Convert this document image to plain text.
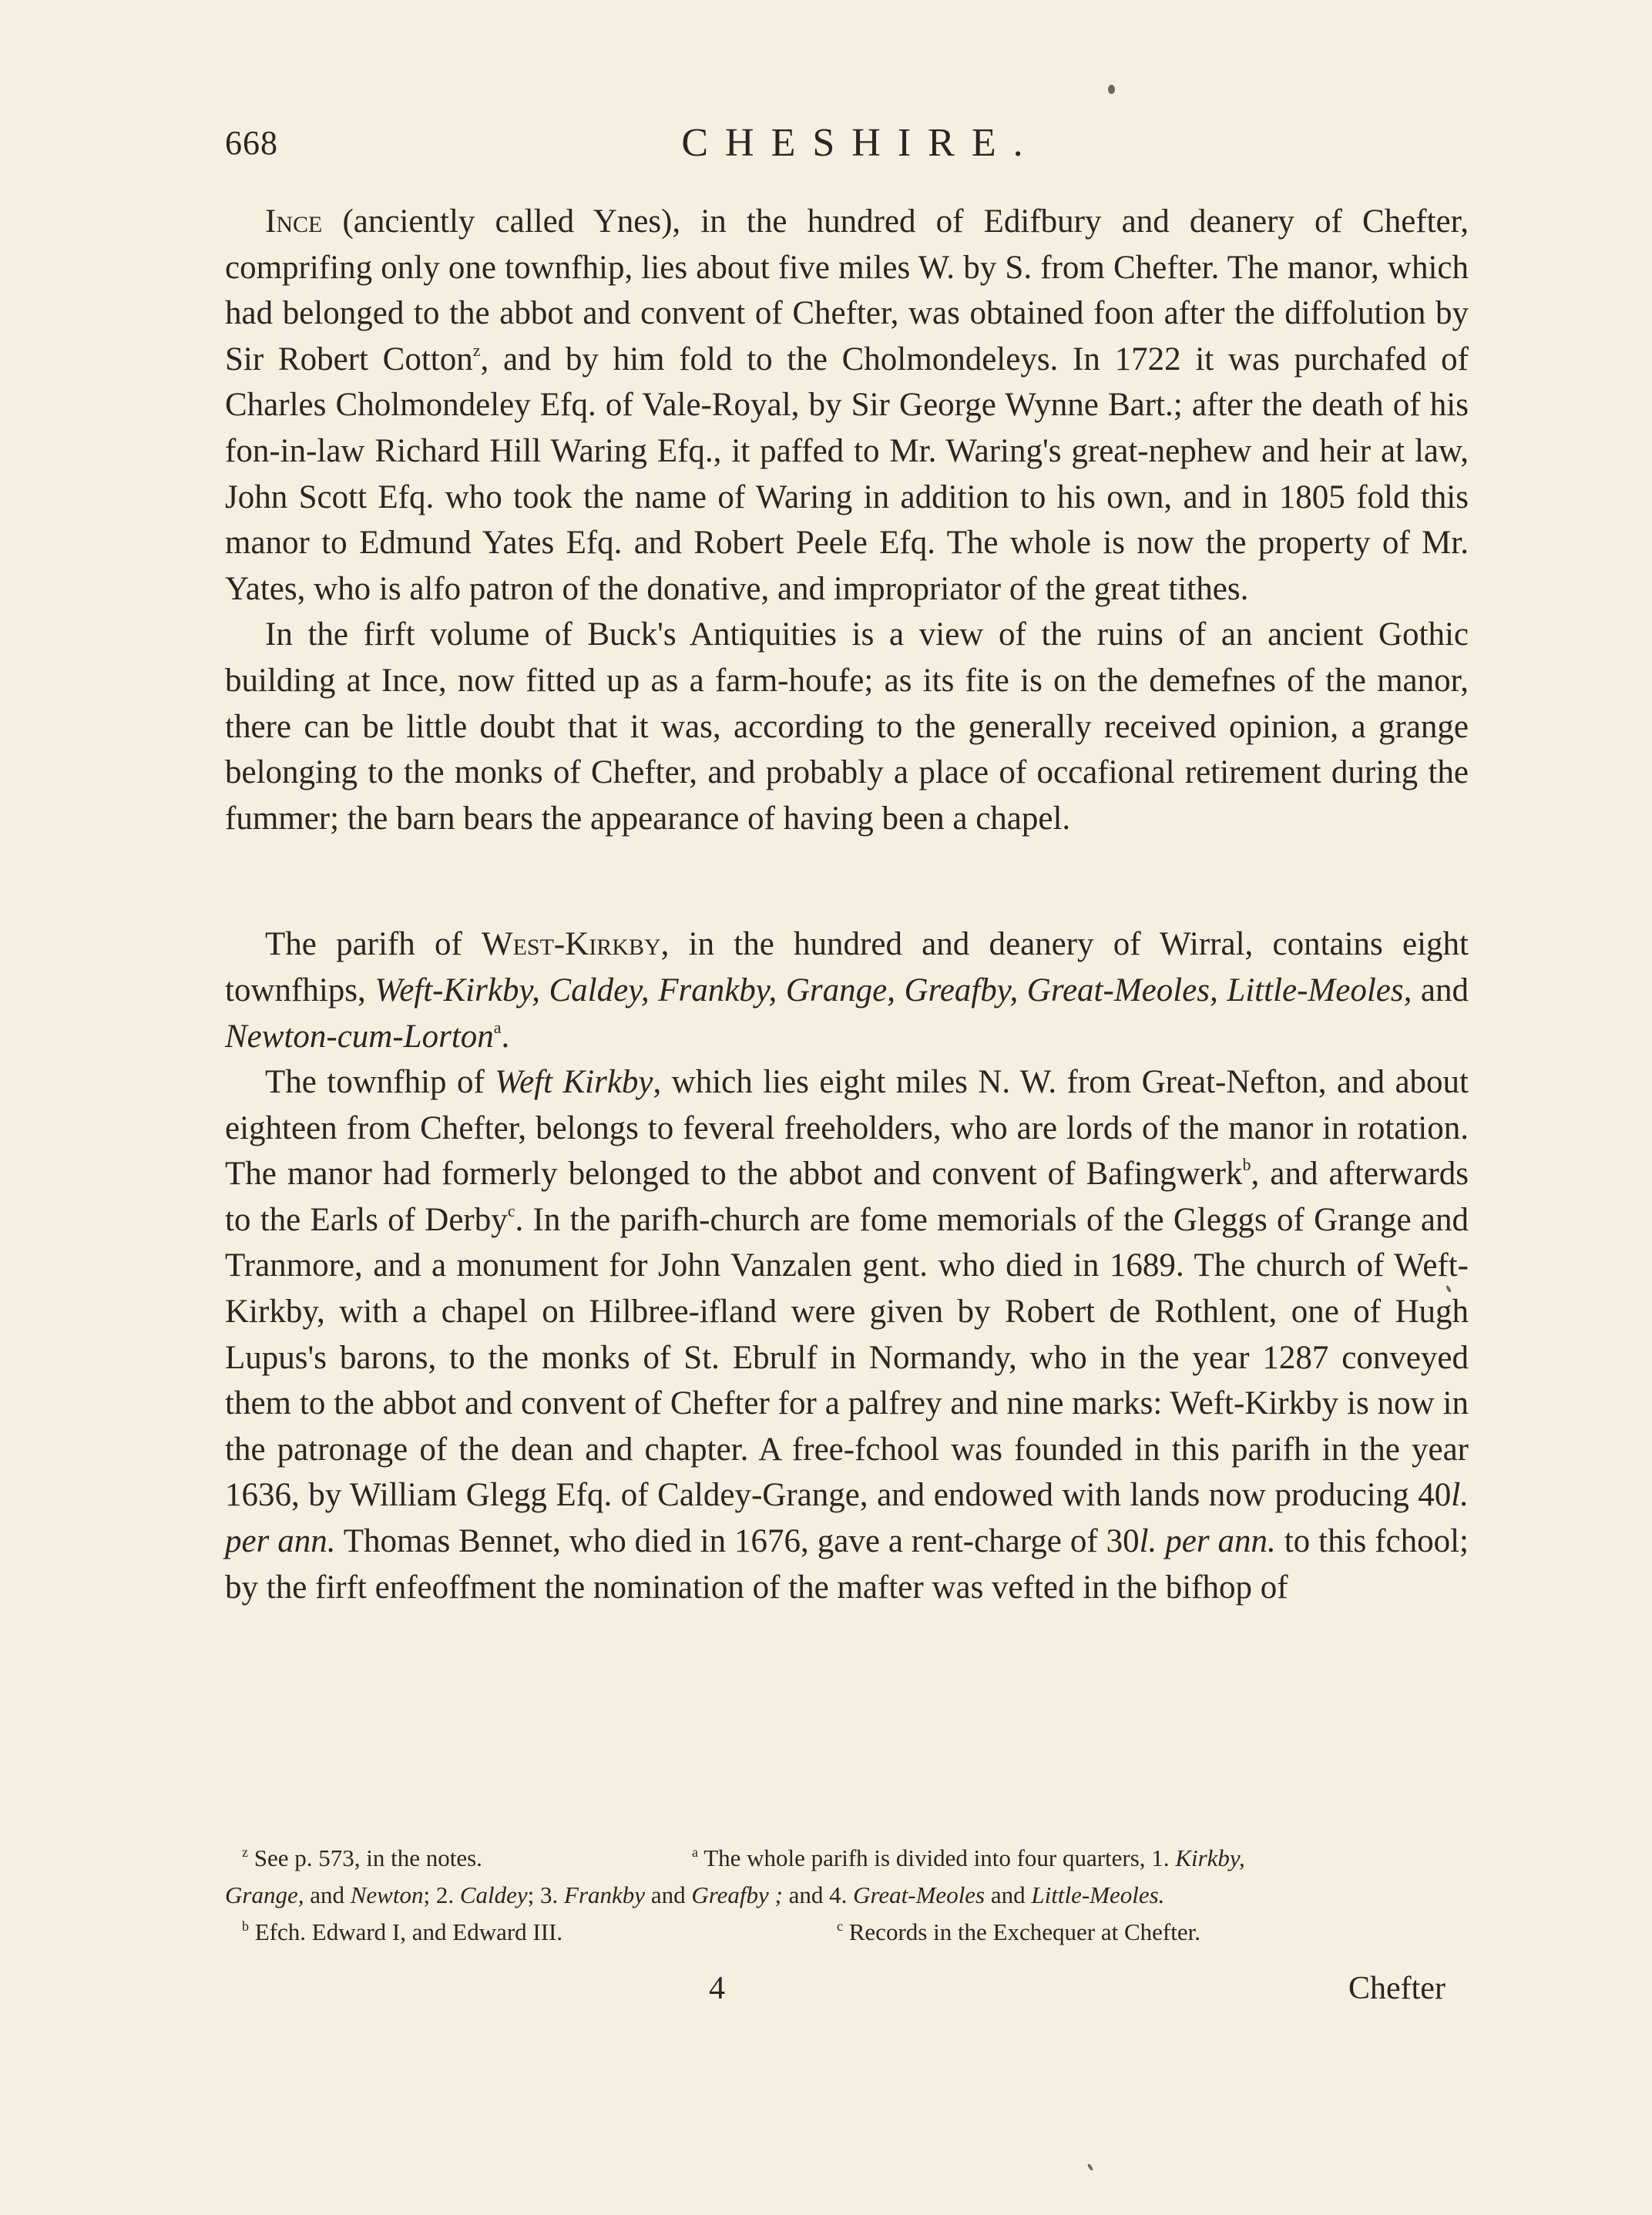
668	CHESHIRE.

Ince (anciently called Ynes), in the hundred of Edifbury and deanery of Chefter, comprifing only one townfhip, lies about five miles W. by S. from Chefter. The manor, which had belonged to the abbot and convent of Chefter, was obtained foon after the diffolution by Sir Robert Cotton$^z$, and by him fold to the Cholmondeleys. In 1722 it was purchafed of Charles Cholmondeley Efq. of Vale-Royal, by Sir George Wynne Bart.; after the death of his fon-in-law Richard Hill Waring Efq., it paffed to Mr. Waring's great-nephew and heir at law, John Scott Efq. who took the name of Waring in addition to his own, and in 1805 fold this manor to Edmund Yates Efq. and Robert Peele Efq. The whole is now the property of Mr. Yates, who is alfo patron of the donative, and impropriator of the great tithes.

In the firft volume of Buck's Antiquities is a view of the ruins of an ancient Gothic building at Ince, now fitted up as a farm-houfe; as its fite is on the demefnes of the manor, there can be little doubt that it was, according to the generally received opinion, a grange belonging to the monks of Chefter, and probably a place of occafional retirement during the fummer; the barn bears the appearance of having been a chapel.

The parifh of West-Kirkby, in the hundred and deanery of Wirral, contains eight townfhips, Weft-Kirkby, Caldey, Frankby, Grange, Greafby, Great-Meoles, Little-Meoles, and Newton-cum-Lorton$^a$.

The townfhip of Weft Kirkby, which lies eight miles N. W. from Great-Nefton, and about eighteen from Chefter, belongs to feveral freeholders, who are lords of the manor in rotation. The manor had formerly belonged to the abbot and convent of Bafingwerk$^b$, and afterwards to the Earls of Derby$^c$. In the parifh-church are fome memorials of the Gleggs of Grange and Tranmore, and a monument for John Vanzalen gent. who died in 1689. The church of Weft-Kirkby, with a chapel on Hilbree-ifland were given by Robert de Rothlent, one of Hugh Lupus's barons, to the monks of St. Ebrulf in Normandy, who in the year 1287 conveyed them to the abbot and convent of Chefter for a palfrey and nine marks: Weft-Kirkby is now in the patronage of the dean and chapter. A free-fchool was founded in this parifh in the year 1636, by William Glegg Efq. of Caldey-Grange, and endowed with lands now producing 40l. per ann. Thomas Bennet, who died in 1676, gave a rent-charge of 30l. per ann. to this fchool; by the firft enfeoffment the nomination of the mafter was vefted in the bifhop of

$^z$ See p. 573, in the notes.	$^a$ The whole parifh is divided into four quarters, 1. Kirkby,
Grange, and Newton; 2. Caldey; 3. Frankby and Greafby ; and 4. Great-Meoles and Little-Meoles.
$^b$ Efch. Edward I, and Edward III.	$^c$ Records in the Exchequer at Chefter.
4	Chefter
